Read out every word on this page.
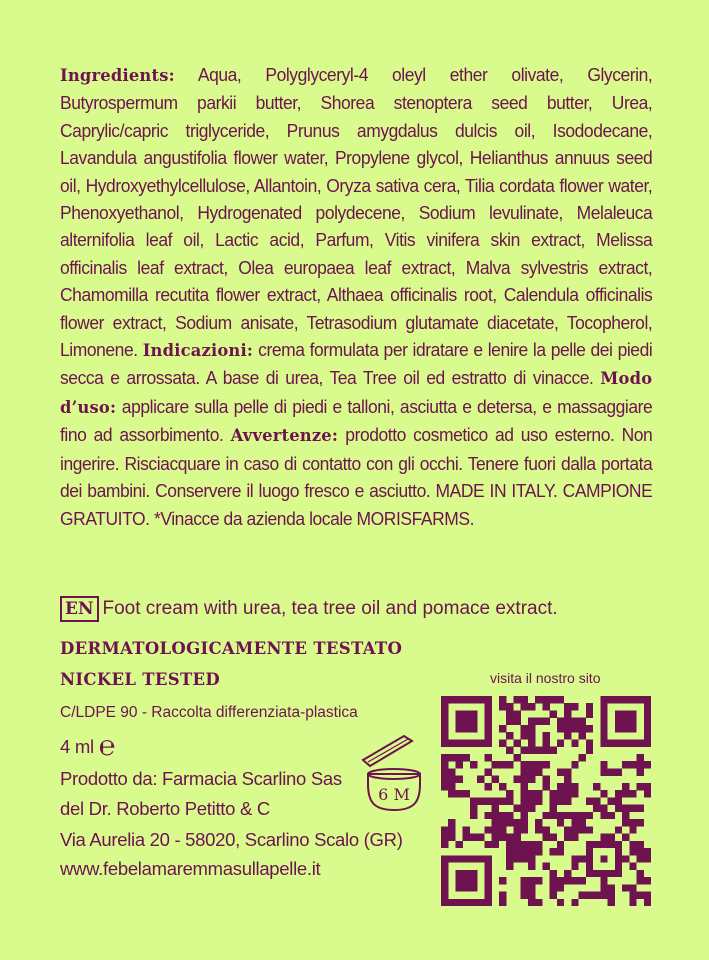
Ingredients: Aqua, Polyglyceryl-4 oleyl ether olivate, Glycerin, Butyrospermum parkii butter, Shorea stenoptera seed butter, Urea, Caprylic/capric triglyceride, Prunus amygdalus dulcis oil, Isododecane, Lavandula angustifolia flower water, Propylene glycol, Helianthus annuus seed oil, Hydroxyethylcellulose, Allantoin, Oryza sativa cera, Tilia cordata flower water, Phenoxyethanol, Hydrogenated polydecene, Sodium levulinate, Melaleuca alternifolia leaf oil, Lactic acid, Parfum, Vitis vinifera skin extract, Melissa officinalis leaf extract, Olea europaea leaf extract, Malva sylvestris extract, Chamomilla recutita flower extract, Althaea officinalis root, Calendula officinalis flower extract, Sodium anisate, Tetrasodium glutamate diacetate, Tocopherol, Limonene. Indicazioni: crema formulata per idratare e lenire la pelle dei piedi secca e arrossata. A base di urea, Tea Tree oil ed estratto di vinacce. Modo d’uso: applicare sulla pelle di piedi e talloni, asciutta e detersa, e massaggiare fino ad assorbimento. Avvertenze: prodotto cosmetico ad uso esterno. Non ingerire. Risciacquare in caso di contatto con gli occhi. Tenere fuori dalla portata dei bambini. Conservere il luogo fresco e asciutto. MADE IN ITALY. CAMPIONE GRATUITO. *Vinacce da azienda locale MORISFARMS.
EN Foot cream with urea, tea tree oil and pomace extract.
DERMATOLOGICAMENTE TESTATO
NICKEL TESTED
C/LDPE 90 - Raccolta differenziata-plastica
4 ml ℮
Prodotto da: Farmacia Scarlino Sas
del Dr. Roberto Petitto & C
Via Aurelia 20 - 58020, Scarlino Scalo (GR)
www.febelamaremmasullapelle.it
6 M
visita il nostro sito
